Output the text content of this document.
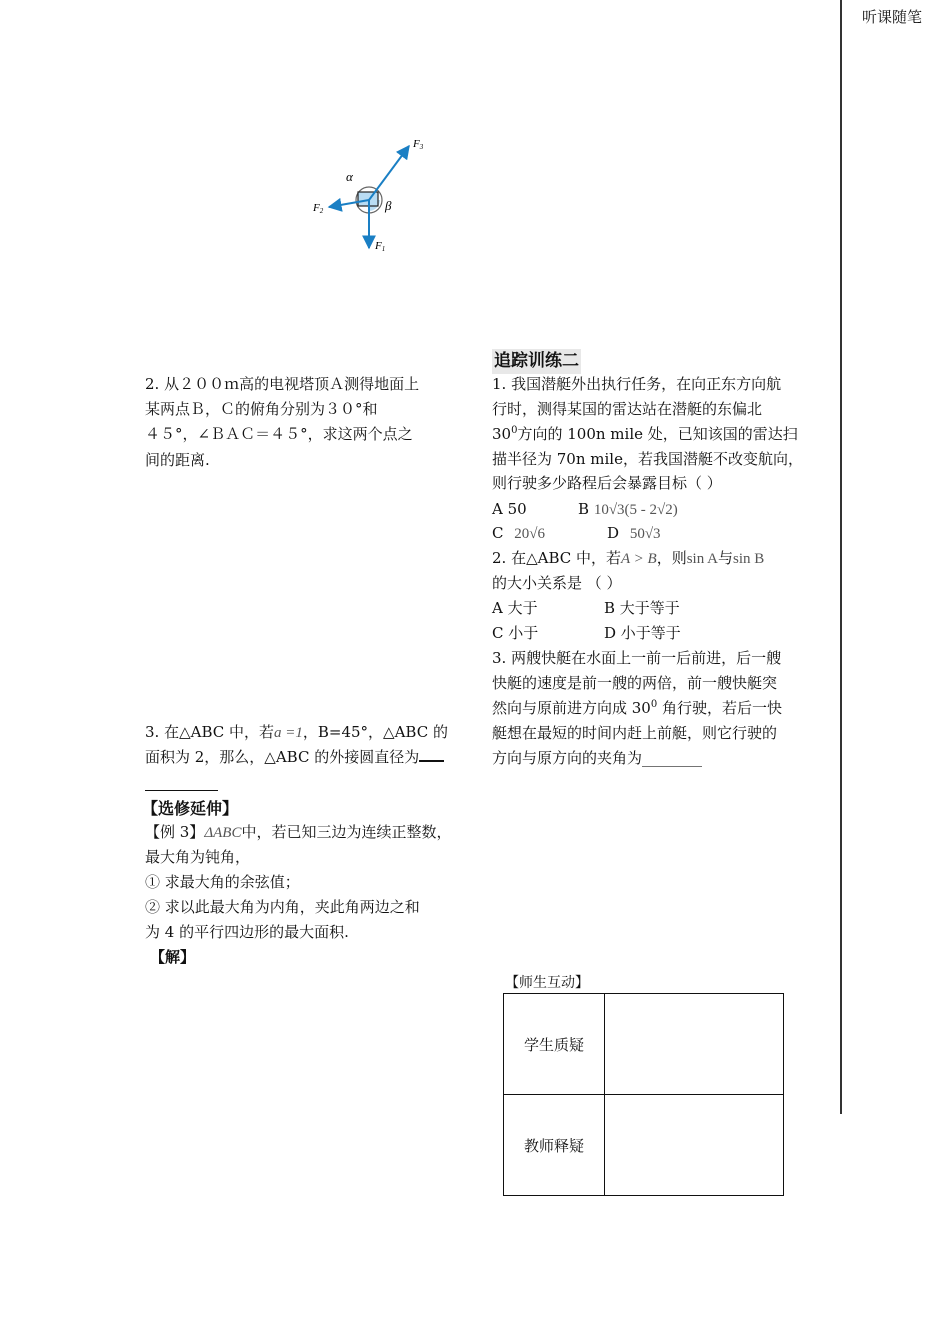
听课随笔
F3
F2
F1
α
β
2. 从２００ｍ高的电视塔顶Ａ测得地面上
某两点Ｂ，Ｃ的俯角分别为３０°和
４５°，∠ＢＡＣ＝４５°，求这两个点之
间的距离.
3. 在△ABC 中，若a =1，B=45°，△ABC 的
面积为 2，那么，△ABC 的外接圆直径为
【选修延伸】
【例 3】ΔABC中，若已知三边为连续正整数，
最大角为钝角，
① 求最大角的余弦值；
② 求以此最大角为内角，夹此角两边之和
为 4 的平行四边形的最大面积.
【解】
追踪训练二
1. 我国潜艇外出执行任务，在向正东方向航
行时，测得某国的雷达站在潜艇的东偏北
$30^0$方向的 100n mile 处，已知该国的雷达扫
描半径为 70n mile，若我国潜艇不改变航向，
则行驶多少路程后会暴露目标（ ）
A 50	B 10√3(5 - 2√2)
C 20√6	D 50√3
2. 在△ABC 中，若A > B，则sin A与sin B
的大小关系是 （ ）
A 大于	B 大于等于
C 小于	D 小于等于
3. 两艘快艇在水面上一前一后前进，后一艘
快艇的速度是前一艘的两倍，前一艘快艇突
然向与原前进方向成 $30^0$ 角行驶，若后一快
艇想在最短的时间内赶上前艇，则它行驶的
方向与原方向的夹角为________
【师生互动】
学生质疑	
教师释疑	
